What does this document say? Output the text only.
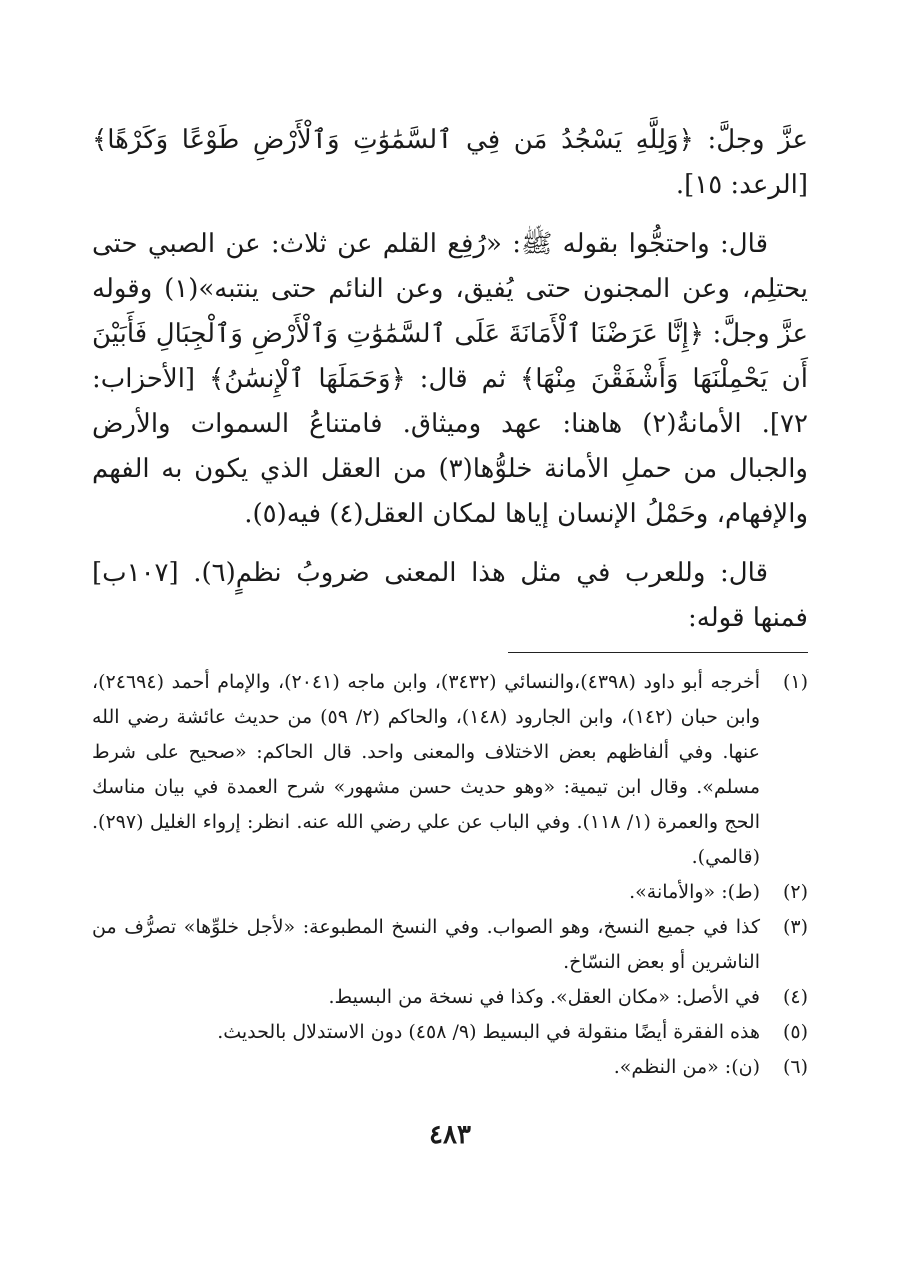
عزَّ وجلَّ: ﴿وَلِلَّهِ يَسْجُدُ مَن فِي ٱلسَّمَٰوَٰتِ وَٱلْأَرْضِ طَوْعًا وَكَرْهًا﴾ [الرعد: ١٥].

قال: واحتجُّوا بقوله ﷺ: «رُفِع القلم عن ثلاث: عن الصبي حتى يحتلِم، وعن المجنون حتى يُفيق، وعن النائم حتى ينتبه»(١) وقوله عزَّ وجلَّ: ﴿إِنَّا عَرَضْنَا ٱلْأَمَانَةَ عَلَى ٱلسَّمَٰوَٰتِ وَٱلْأَرْضِ وَٱلْجِبَالِ فَأَبَيْنَ أَن يَحْمِلْنَهَا وَأَشْفَقْنَ مِنْهَا﴾ ثم قال: ﴿وَحَمَلَهَا ٱلْإِنسَٰنُ﴾ [الأحزاب: ٧٢]. الأمانةُ(٢) هاهنا: عهد وميثاق. فامتناعُ السموات والأرض والجبال من حملِ الأمانة خلوُّها(٣) من العقل الذي يكون به الفهم والإفهام، وحَمْلُ الإنسان إياها لمكان العقل(٤) فيه(٥).

قال: وللعرب في مثل هذا المعنى ضروبُ نظمٍ(٦). [١٠٧ب] فمنها قوله:

(١)
أخرجه أبو داود (٤٣٩٨)،والنسائي (٣٤٣٢)، وابن ماجه (٢٠٤١)، والإمام أحمد (٢٤٦٩٤)، وابن حبان (١٤٢)، وابن الجارود (١٤٨)، والحاكم (٢/ ٥٩) من حديث عائشة رضي الله عنها. وفي ألفاظهم بعض الاختلاف والمعنى واحد. قال الحاكم: «صحيح على شرط مسلم». وقال ابن تيمية: «وهو حديث حسن مشهور» شرح العمدة في بيان مناسك الحج والعمرة (١/ ١١٨). وفي الباب عن علي رضي الله عنه. انظر: إرواء الغليل (٢٩٧). (قالمي).
(٢)
(ط): «والأمانة».
(٣)
كذا في جميع النسخ، وهو الصواب. وفي النسخ المطبوعة: «لأجل خلوِّها» تصرُّف من الناشرين أو بعض النسّاخ.
(٤)
في الأصل: «مكان العقل». وكذا في نسخة من البسيط.
(٥)
هذه الفقرة أيضًا منقولة في البسيط (٩/ ٤٥٨) دون الاستدلال بالحديث.
(٦)
(ن): «من النظم».
٤٨٣
